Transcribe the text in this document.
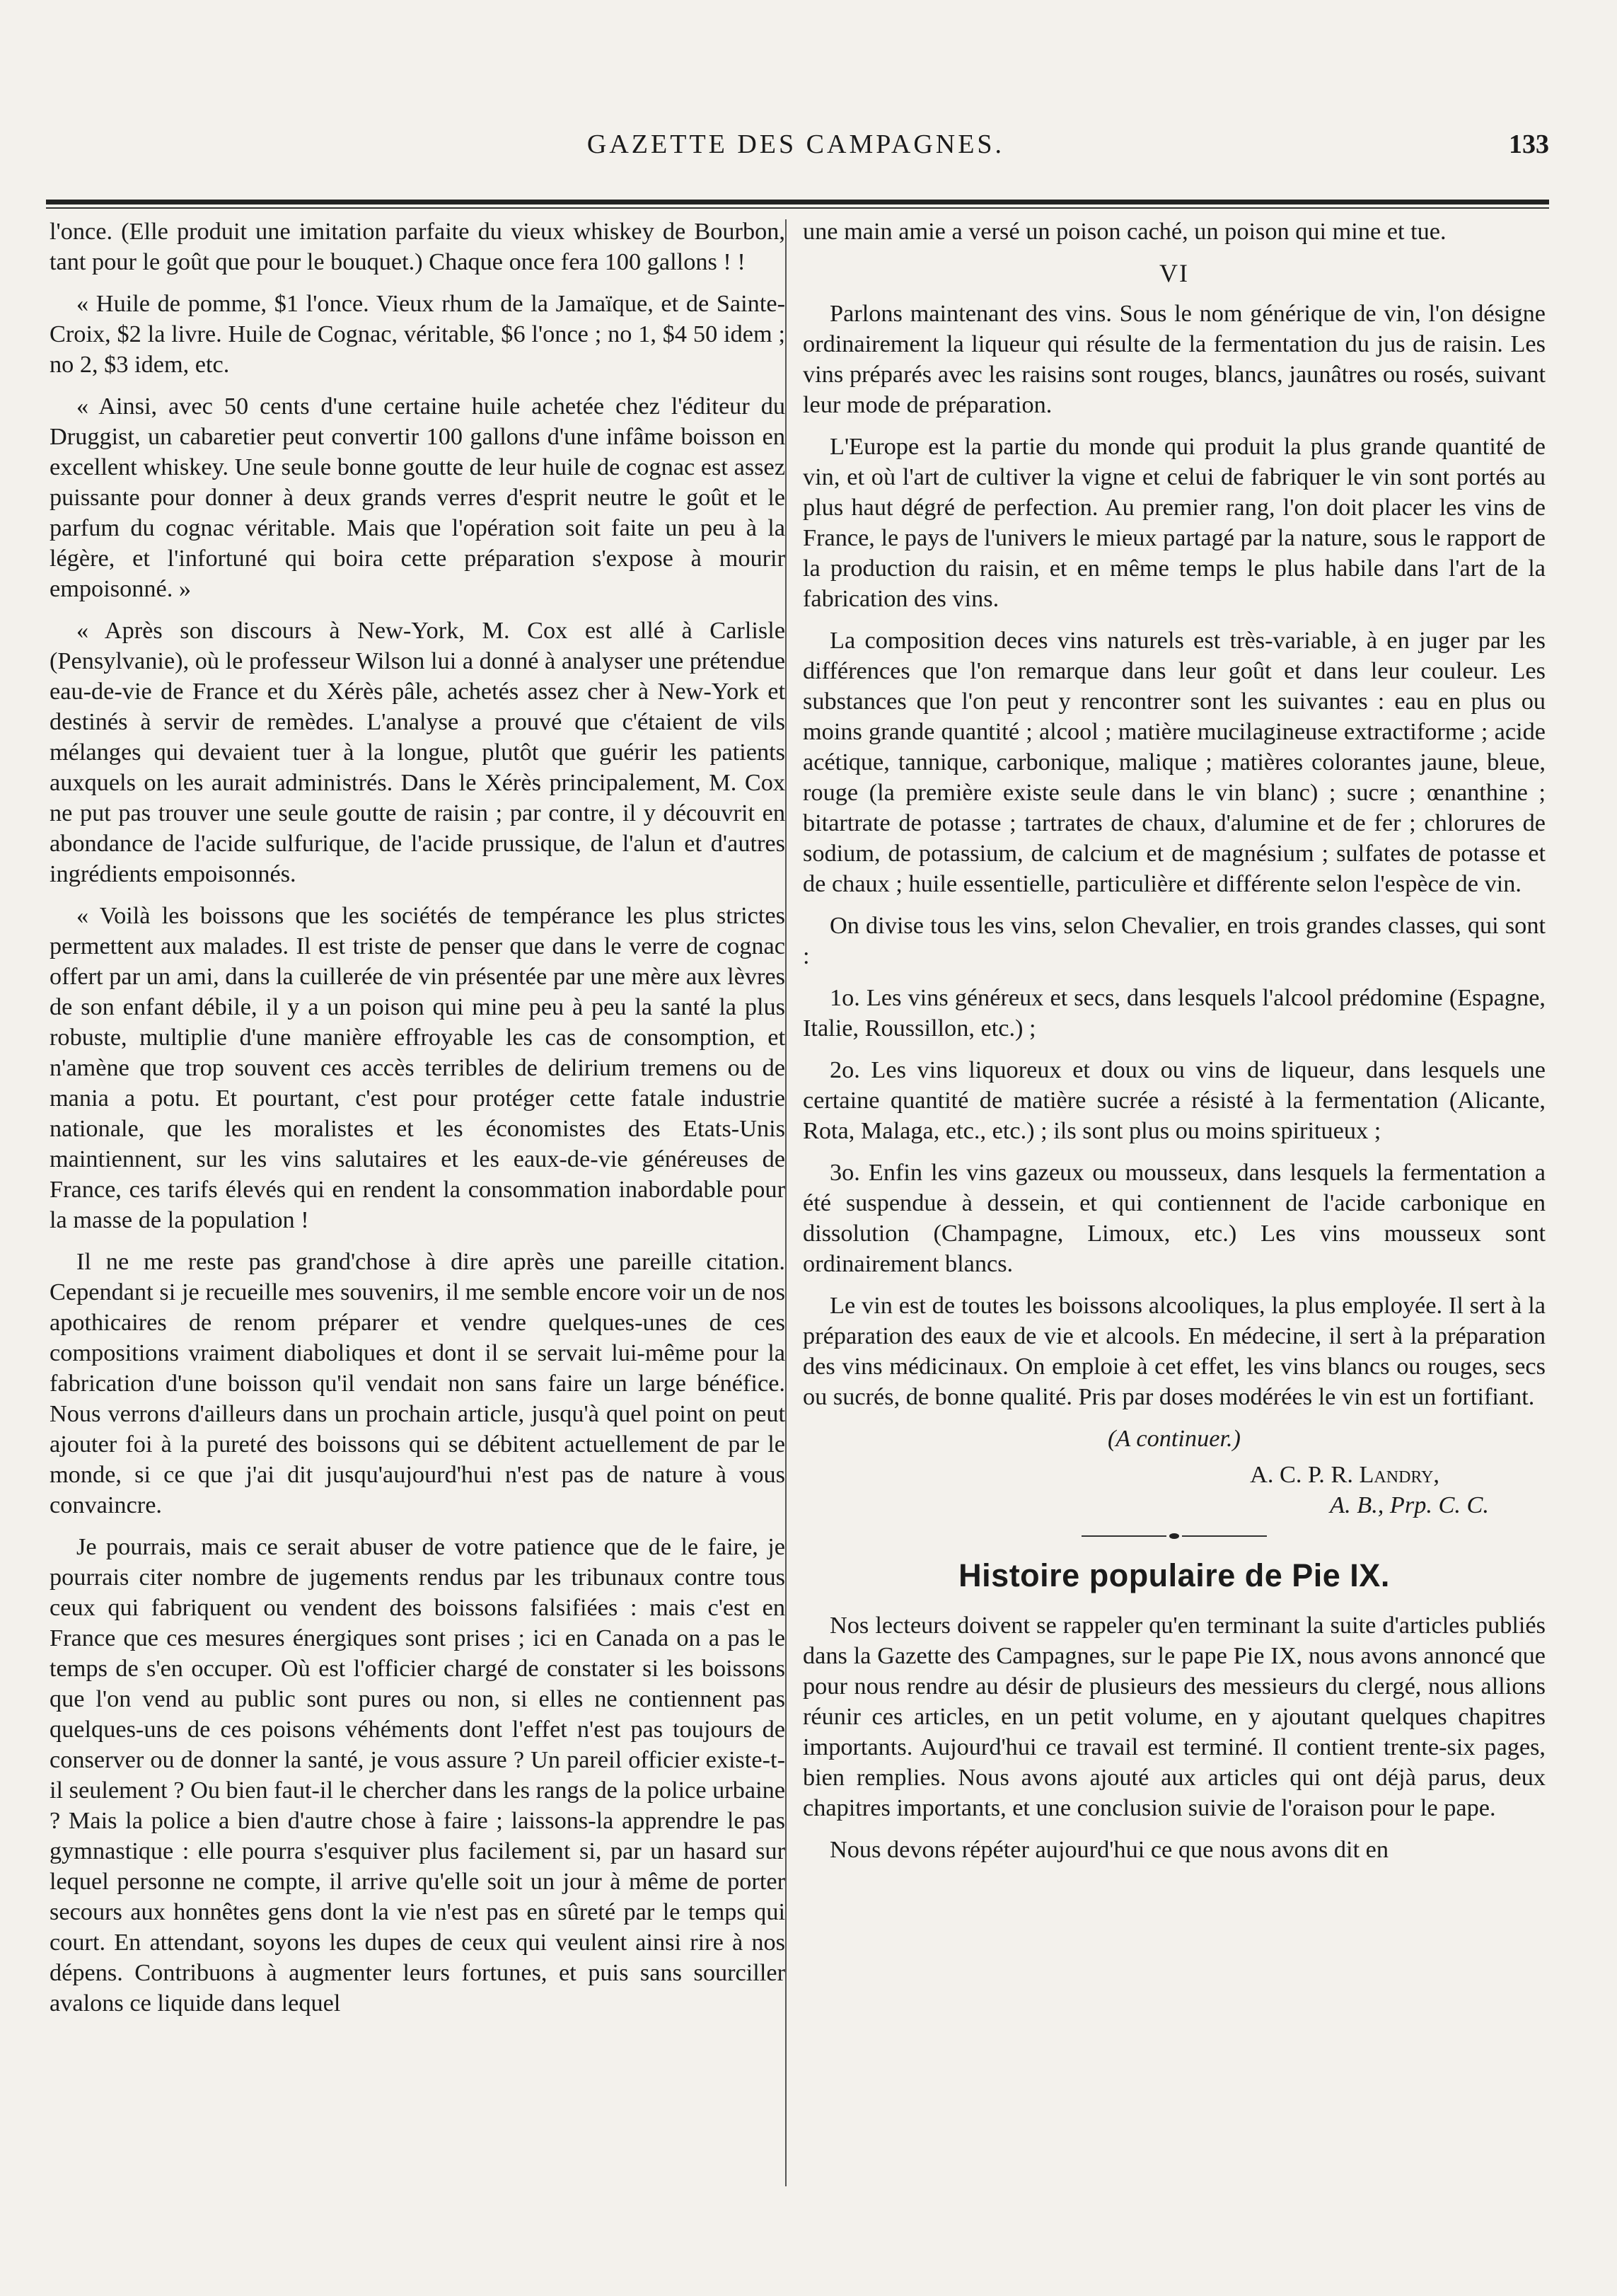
GAZETTE DES CAMPAGNES.	133

l'once. (Elle produit une imitation parfaite du vieux whiskey de Bourbon, tant pour le goût que pour le bouquet.) Chaque once fera 100 gallons ! !

« Huile de pomme, $1 l'once. Vieux rhum de la Jamaïque, et de Sainte-Croix, $2 la livre. Huile de Cognac, véritable, $6 l'once ; no 1, $4 50 idem ; no 2, $3 idem, etc.

« Ainsi, avec 50 cents d'une certaine huile achetée chez l'éditeur du Druggist, un cabaretier peut convertir 100 gallons d'une infâme boisson en excellent whiskey. Une seule bonne goutte de leur huile de cognac est assez puissante pour donner à deux grands verres d'esprit neutre le goût et le parfum du cognac véritable. Mais que l'opération soit faite un peu à la légère, et l'infortuné qui boira cette préparation s'expose à mourir empoisonné. »

« Après son discours à New-York, M. Cox est allé à Carlisle (Pensylvanie), où le professeur Wilson lui a donné à analyser une prétendue eau-de-vie de France et du Xérès pâle, achetés assez cher à New-York et destinés à servir de remèdes. L'analyse a prouvé que c'étaient de vils mélanges qui devaient tuer à la longue, plutôt que guérir les patients auxquels on les aurait administrés. Dans le Xérès principalement, M. Cox ne put pas trouver une seule goutte de raisin ; par contre, il y découvrit en abondance de l'acide sulfurique, de l'acide prussique, de l'alun et d'autres ingrédients empoisonnés.

« Voilà les boissons que les sociétés de tempérance les plus strictes permettent aux malades. Il est triste de penser que dans le verre de cognac offert par un ami, dans la cuillerée de vin présentée par une mère aux lèvres de son enfant débile, il y a un poison qui mine peu à peu la santé la plus robuste, multiplie d'une manière effroyable les cas de consomption, et n'amène que trop souvent ces accès terribles de delirium tremens ou de mania a potu. Et pourtant, c'est pour protéger cette fatale industrie nationale, que les moralistes et les économistes des Etats-Unis maintiennent, sur les vins salutaires et les eaux-de-vie généreuses de France, ces tarifs élevés qui en rendent la consommation inabordable pour la masse de la population !

Il ne me reste pas grand'chose à dire après une pareille citation. Cependant si je recueille mes souvenirs, il me semble encore voir un de nos apothicaires de renom préparer et vendre quelques-unes de ces compositions vraiment diaboliques et dont il se servait lui-même pour la fabrication d'une boisson qu'il vendait non sans faire un large bénéfice. Nous verrons d'ailleurs dans un prochain article, jusqu'à quel point on peut ajouter foi à la pureté des boissons qui se débitent actuellement de par le monde, si ce que j'ai dit jusqu'aujourd'hui n'est pas de nature à vous convaincre.

Je pourrais, mais ce serait abuser de votre patience que de le faire, je pourrais citer nombre de jugements rendus par les tribunaux contre tous ceux qui fabriquent ou vendent des boissons falsifiées : mais c'est en France que ces mesures énergiques sont prises ; ici en Canada on a pas le temps de s'en occuper. Où est l'officier chargé de constater si les boissons que l'on vend au public sont pures ou non, si elles ne contiennent pas quelques-uns de ces poisons véhéments dont l'effet n'est pas toujours de conserver ou de donner la santé, je vous assure ? Un pareil officier existe-t-il seulement ? Ou bien faut-il le chercher dans les rangs de la police urbaine ? Mais la police a bien d'autre chose à faire ; laissons-la apprendre le pas gymnastique : elle pourra s'esquiver plus facilement si, par un hasard sur lequel personne ne compte, il arrive qu'elle soit un jour à même de porter secours aux honnêtes gens dont la vie n'est pas en sûreté par le temps qui court. En attendant, soyons les dupes de ceux qui veulent ainsi rire à nos dépens. Contribuons à augmenter leurs fortunes, et puis sans sourciller avalons ce liquide dans lequel

une main amie a versé un poison caché, un poison qui mine et tue.

VI

Parlons maintenant des vins. Sous le nom générique de vin, l'on désigne ordinairement la liqueur qui résulte de la fermentation du jus de raisin. Les vins préparés avec les raisins sont rouges, blancs, jaunâtres ou rosés, suivant leur mode de préparation.

L'Europe est la partie du monde qui produit la plus grande quantité de vin, et où l'art de cultiver la vigne et celui de fabriquer le vin sont portés au plus haut dégré de perfection. Au premier rang, l'on doit placer les vins de France, le pays de l'univers le mieux partagé par la nature, sous le rapport de la production du raisin, et en même temps le plus habile dans l'art de la fabrication des vins.

La composition deces vins naturels est très-variable, à en juger par les différences que l'on remarque dans leur goût et dans leur couleur. Les substances que l'on peut y rencontrer sont les suivantes : eau en plus ou moins grande quantité ; alcool ; matière mucilagineuse extractiforme ; acide acétique, tannique, carbonique, malique ; matières colorantes jaune, bleue, rouge (la première existe seule dans le vin blanc) ; sucre ; œnanthine ; bitartrate de potasse ; tartrates de chaux, d'alumine et de fer ; chlorures de sodium, de potassium, de calcium et de magnésium ; sulfates de potasse et de chaux ; huile essentielle, particulière et différente selon l'espèce de vin.

On divise tous les vins, selon Chevalier, en trois grandes classes, qui sont :

1o. Les vins généreux et secs, dans lesquels l'alcool prédomine (Espagne, Italie, Roussillon, etc.) ;

2o. Les vins liquoreux et doux ou vins de liqueur, dans lesquels une certaine quantité de matière sucrée a résisté à la fermentation (Alicante, Rota, Malaga, etc., etc.) ; ils sont plus ou moins spiritueux ;

3o. Enfin les vins gazeux ou mousseux, dans lesquels la fermentation a été suspendue à dessein, et qui contiennent de l'acide carbonique en dissolution (Champagne, Limoux, etc.) Les vins mousseux sont ordinairement blancs.

Le vin est de toutes les boissons alcooliques, la plus employée. Il sert à la préparation des eaux de vie et alcools. En médecine, il sert à la préparation des vins médicinaux. On emploie à cet effet, les vins blancs ou rouges, secs ou sucrés, de bonne qualité. Pris par doses modérées le vin est un fortifiant.

(A continuer.)
A. C. P. R. Landry,
A. B., Prp. C. C.
Histoire populaire de Pie IX.

Nos lecteurs doivent se rappeler qu'en terminant la suite d'articles publiés dans la Gazette des Campagnes, sur le pape Pie IX, nous avons annoncé que pour nous rendre au désir de plusieurs des messieurs du clergé, nous allions réunir ces articles, en un petit volume, en y ajoutant quelques chapitres importants. Aujourd'hui ce travail est terminé. Il contient trente-six pages, bien remplies. Nous avons ajouté aux articles qui ont déjà parus, deux chapitres importants, et une conclusion suivie de l'oraison pour le pape.

Nous devons répéter aujourd'hui ce que nous avons dit en
